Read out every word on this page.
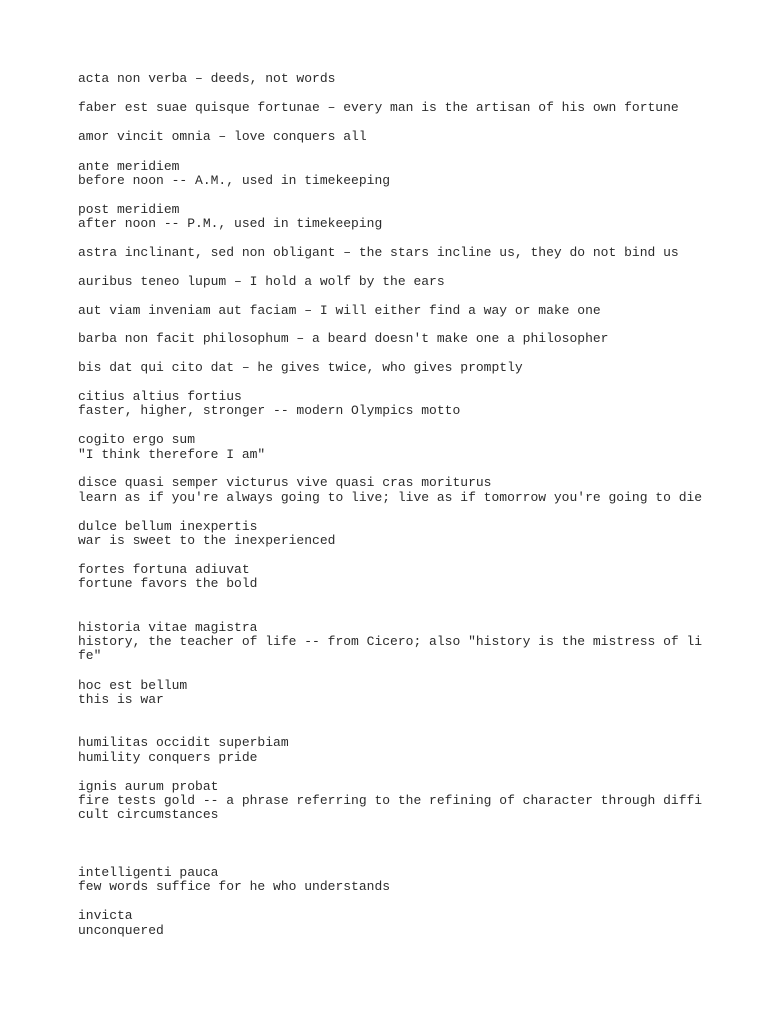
acta non verba – deeds, not words

faber est suae quisque fortunae – every man is the artisan of his own fortune

amor vincit omnia – love conquers all

ante meridiem

before noon -- A.M., used in timekeeping

post meridiem

after noon -- P.M., used in timekeeping

astra inclinant, sed non obligant – the stars incline us, they do not bind us

auribus teneo lupum – I hold a wolf by the ears

aut viam inveniam aut faciam – I will either find a way or make one

barba non facit philosophum – a beard doesn't make one a philosopher

bis dat qui cito dat – he gives twice, who gives promptly

citius altius fortius

faster, higher, stronger -- modern Olympics motto

cogito ergo sum

"I think therefore I am"

disce quasi semper victurus vive quasi cras moriturus

learn as if you're always going to live; live as if tomorrow you're going to die

dulce bellum inexpertis

war is sweet to the inexperienced

fortes fortuna adiuvat

fortune favors the bold

historia vitae magistra

history, the teacher of life -- from Cicero; also "history is the mistress of li

fe"

hoc est bellum

this is war

humilitas occidit superbiam

humility conquers pride

ignis aurum probat

fire tests gold -- a phrase referring to the refining of character through diffi

cult circumstances

intelligenti pauca

few words suffice for he who understands

invicta

unconquered
